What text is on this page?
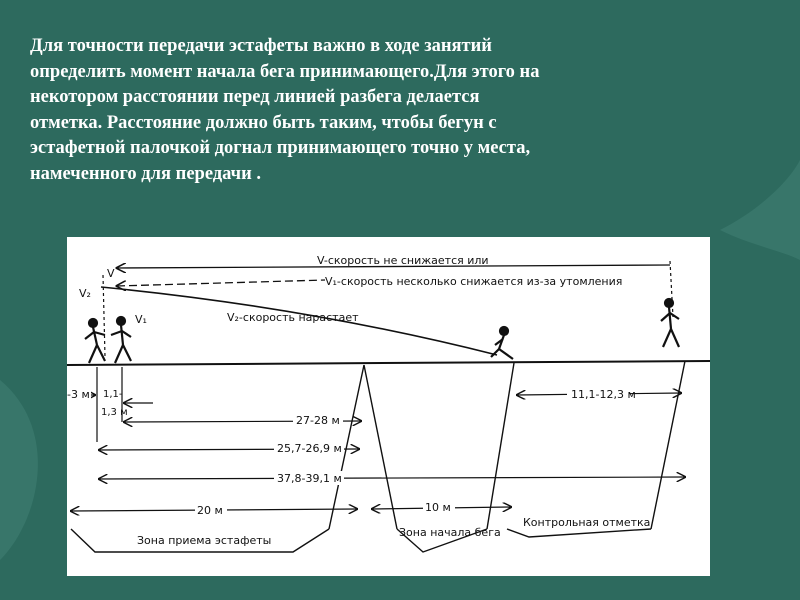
Для точности передачи эстафеты важно в ходе занятий
определить момент начала бега принимающего.Для этого на
некотором расстоянии перед линией разбега делается
отметка. Расстояние должно быть таким, чтобы бегун с
эстафетной палочкой догнал принимающего точно у места,
намеченного для передачи .
V
V₂
V₁
V-скорость не снижается или
V₁-скорость несколько снижается из-за утомления
V₂-скорость нарастает
-3 м 1,1-
1,3 м
11,1-12,3 м
27-28 м
25,7-26,9 м
37,8-39,1 м
20 м	10 м
Зона приема эстафеты
Зона начала бега
Контрольная отметка
